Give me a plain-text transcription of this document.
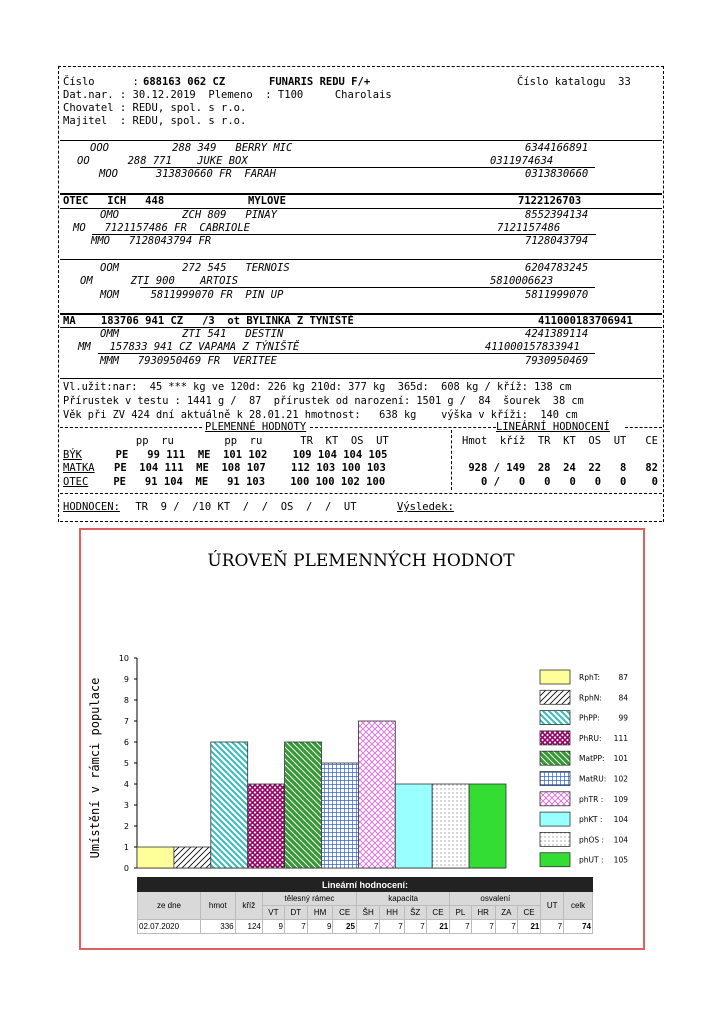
Číslo      : 688163 062 CZ	FUNARIS REDU F/+	Číslo katalogu  33
Dat.nar. : 30.12.2019  Plemeno  : T100     Charolais
Chovatel : REDU, spol. s r.o.
Majitel  : REDU, spol. s r.o.
OOO          288 349   BERRY MIC	6344166891
OO      288 771    JUKE BOX	0311974634
MOO      313830660 FR  FARAH	0313830660
OTEC   ICH   448	MYLOVE	7122126703
OMO          ZCH 809   PINAY	8552394134
MO   7121157486 FR  CABRIOLE	7121157486
MMO   7128043794 FR	7128043794
OOM          272 545   TERNOIS	6204783245
OM      ZTI 900    ARTOIS	5810006623
MOM     5811999070 FR  PIN UP	5811999070
MA    183706 941 CZ   /3  ot BYLINKA Z TYNIŠTĚ	411000183706941
OMM          ZTI 541   DESTIN	4241389114
MM   157833 941 CZ VAPAMA Z TÝNIŠTĚ	411000157833941
MMM   7930950469 FR  VERITEE	7930950469
Vl.užit:nar:  45 *** kg ve 120d: 226 kg 210d: 377 kg  365d:  608 kg / kříž: 138 cm
Přírustek v testu : 1441 g /  87  přírustek od narození: 1501 g /  84  šourek  38 cm
Věk při ZV 424 dní aktuálně k 28.01.21 hmotnost:   638 kg    výška v kříži:  140 cm
PLEMENNÉ HODNOTY	LINEÁRNÍ HODNOCENÍ
pp  ru        pp  ru      TR  KT  OS  UT	Hmot  kříž  TR  KT  OS  UT   CE
BÝK PE   99 111  ME  101 102    109 104 104 105
MATKA PE  104 111  ME  108 107    112 103 100 103	928 / 149  28  24  22   8   82
OTEC PE   91 104  ME   91 103    100 100 102 100	0 /   0   0   0   0   0    0
HODNOCEN: TR  9 /  /10 KT  /  /  OS  /  /  UT	Výsledek:
ÚROVEŇ PLEMENNÝCH HODNOT
Umístění v rámci populace
0
1
2
3
4
5
6
7
8
9
10
RphT: 87
RphN: 84
PhPP: 99
PhRU: 111
MatPP: 101
MatRU: 102
phTR : 109
phKT : 104
phOS : 104
phUT : 105
Lineární hodnocení:																
ze dne	hmot	kříž	tělesný rámec				kapacita				osvalení				UT	celk
			VT	DT	HM	CE	ŠH	HH	ŠZ	CE	PL	HR	ZA	CE		
02.07.2020	336	124	9	7	9	25	7	7	7	21	7	7	7	21	7	74
